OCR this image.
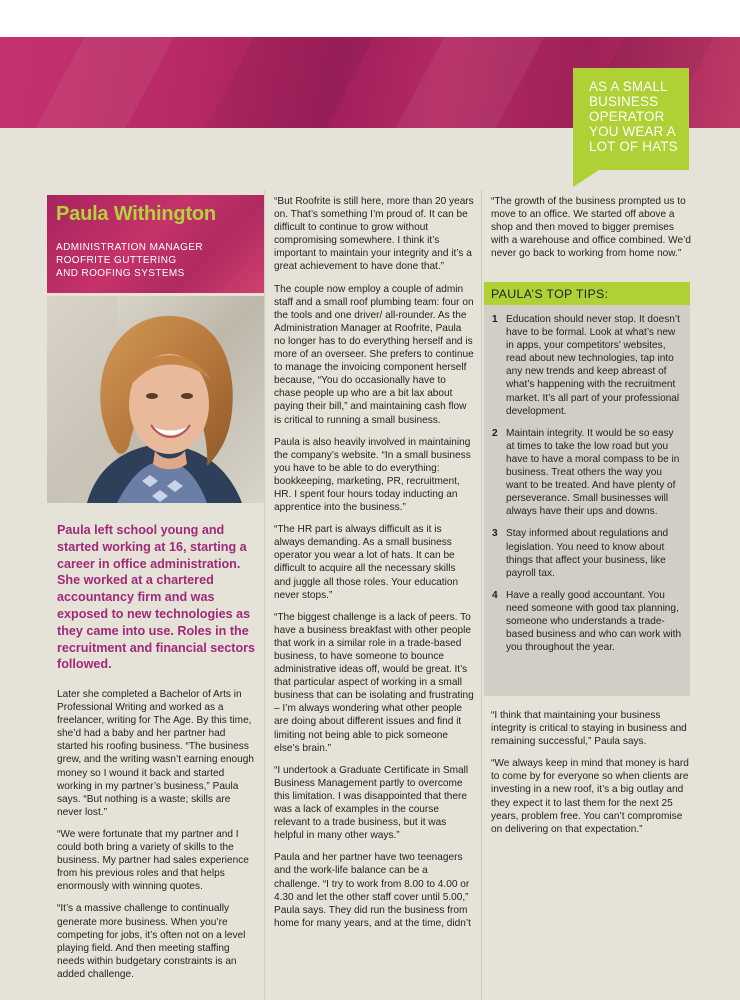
AS A SMALL
BUSINESS
OPERATOR
YOU WEAR A
LOT OF HATS
Paula Withington
ADMINISTRATION MANAGER
ROOFRITE GUTTERING
AND ROOFING SYSTEMS
Paula left school young and started working at 16, starting a career in office administration. She worked at a chartered accountancy firm and was exposed to new technologies as they came into use. Roles in the recruitment and financial sectors followed.

Later she completed a Bachelor of Arts in Professional Writing and worked as a freelancer, writing for The Age. By this time, she’d had a baby and her partner had started his roofing business. “The business grew, and the writing wasn’t earning enough money so I wound it back and started working in my partner’s business,” Paula says. “But nothing is a waste; skills are never lost.”

“We were fortunate that my partner and I could both bring a variety of skills to the business. My partner had sales experience from his previous roles and that helps enormously with winning quotes.

“It’s a massive challenge to continually generate more business. When you’re competing for jobs, it’s often not on a level playing field. And then meeting staffing needs within budgetary constraints is an added challenge.

“But Roofrite is still here, more than 20 years on. That’s something I’m proud of. It can be difficult to continue to grow without compromising somewhere. I think it’s important to maintain your integrity and it’s a great achievement to have done that.”

The couple now employ a couple of admin staff and a small roof plumbing team: four on the tools and one driver/ all-rounder. As the Administration Manager at Roofrite, Paula no longer has to do everything herself and is more of an overseer. She prefers to continue to manage the invoicing component herself because, “You do occasionally have to chase people up who are a bit lax about paying their bill,” and maintaining cash flow is critical to running a small business.

Paula is also heavily involved in maintaining the company’s website. “In a small business you have to be able to do everything: bookkeeping, marketing, PR, recruitment, HR. I spent four hours today inducting an apprentice into the business.”

“The HR part is always difficult as it is always demanding. As a small business operator you wear a lot of hats. It can be difficult to acquire all the necessary skills and juggle all those roles. Your education never stops.”

“The biggest challenge is a lack of peers. To have a business breakfast with other people that work in a similar role in a trade-based business, to have someone to bounce administrative ideas off, would be great. It’s that particular aspect of working in a small business that can be isolating and frustrating – I’m always wondering what other people are doing about different issues and find it limiting not being able to pick someone else’s brain.”

“I undertook a Graduate Certificate in Small Business Management partly to overcome this limitation. I was disappointed that there was a lack of examples in the course relevant to a trade business, but it was helpful in many other ways.”

Paula and her partner have two teenagers and the work-life balance can be a challenge. “I try to work from 8.00 to 4.00 or 4.30 and let the other staff cover until 5.00,” Paula says. They did run the business from home for many years, and at the time, didn’t

“The growth of the business prompted us to move to an office. We started off above a shop and then moved to bigger premises with a warehouse and office combined. We’d never go back to working from home now.”

PAULA’S TOP TIPS:
1 Education should never stop. It doesn’t have to be formal. Look at what’s new in apps, your competitors’ websites, read about new technologies, tap into any new trends and keep abreast of what’s happening with the recruitment market. It’s all part of your professional development.
2 Maintain integrity. It would be so easy at times to take the low road but you have to have a moral compass to be in business. Treat others the way you want to be treated. And have plenty of perseverance. Small businesses will always have their ups and downs.
3 Stay informed about regulations and legislation. You need to know about things that affect your business, like payroll tax.
4 Have a really good accountant. You need someone with good tax planning, someone who understands a trade-based business and who can work with you throughout the year.

“I think that maintaining your business integrity is critical to staying in business and remaining successful,” Paula says.

“We always keep in mind that money is hard to come by for everyone so when clients are investing in a new roof, it’s a big outlay and they expect it to last them for the next 25 years, problem free. You can’t compromise on delivering on that expectation.”
